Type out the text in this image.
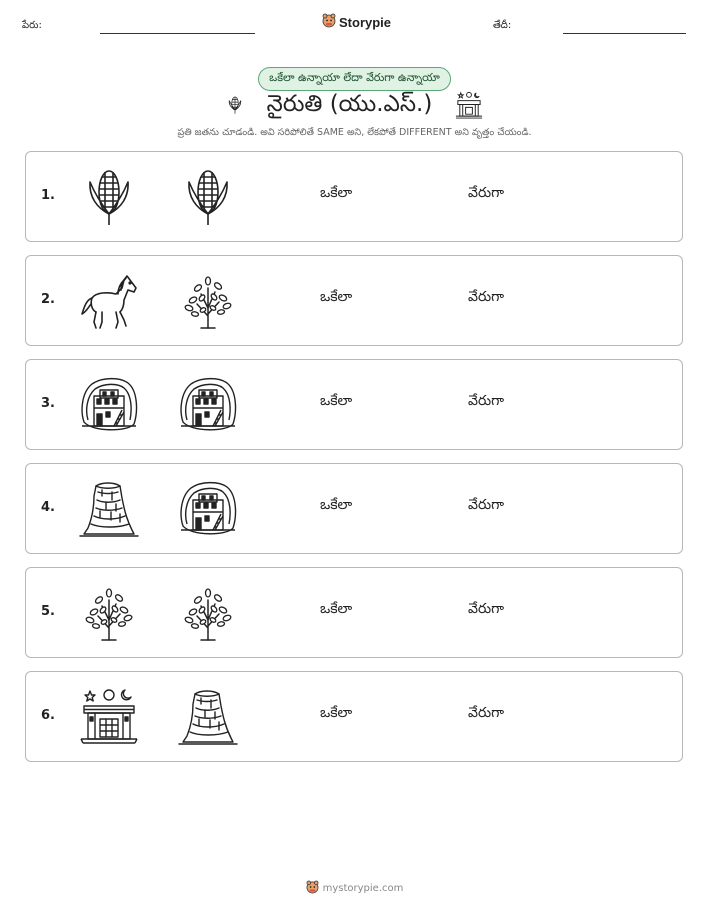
పేరు:	Storypie	తేదీ:
ఒకేలా ఉన్నాయా లేదా వేరుగా ఉన్నాయా
నైరుతి (యు.ఎస్.)
ప్రతి జతను చూడండి. అవి సరిపోలితే SAME అని, లేకపోతే DIFFERENT అని వృత్తం చేయండి.
1.	ఒకేలా	వేరుగా
2.	ఒకేలా	వేరుగా
3.	ఒకేలా	వేరుగా
4.	ఒకేలా	వేరుగా
5.	ఒకేలా	వేరుగా
6.	ఒకేలా	వేరుగా
mystorypie.com
